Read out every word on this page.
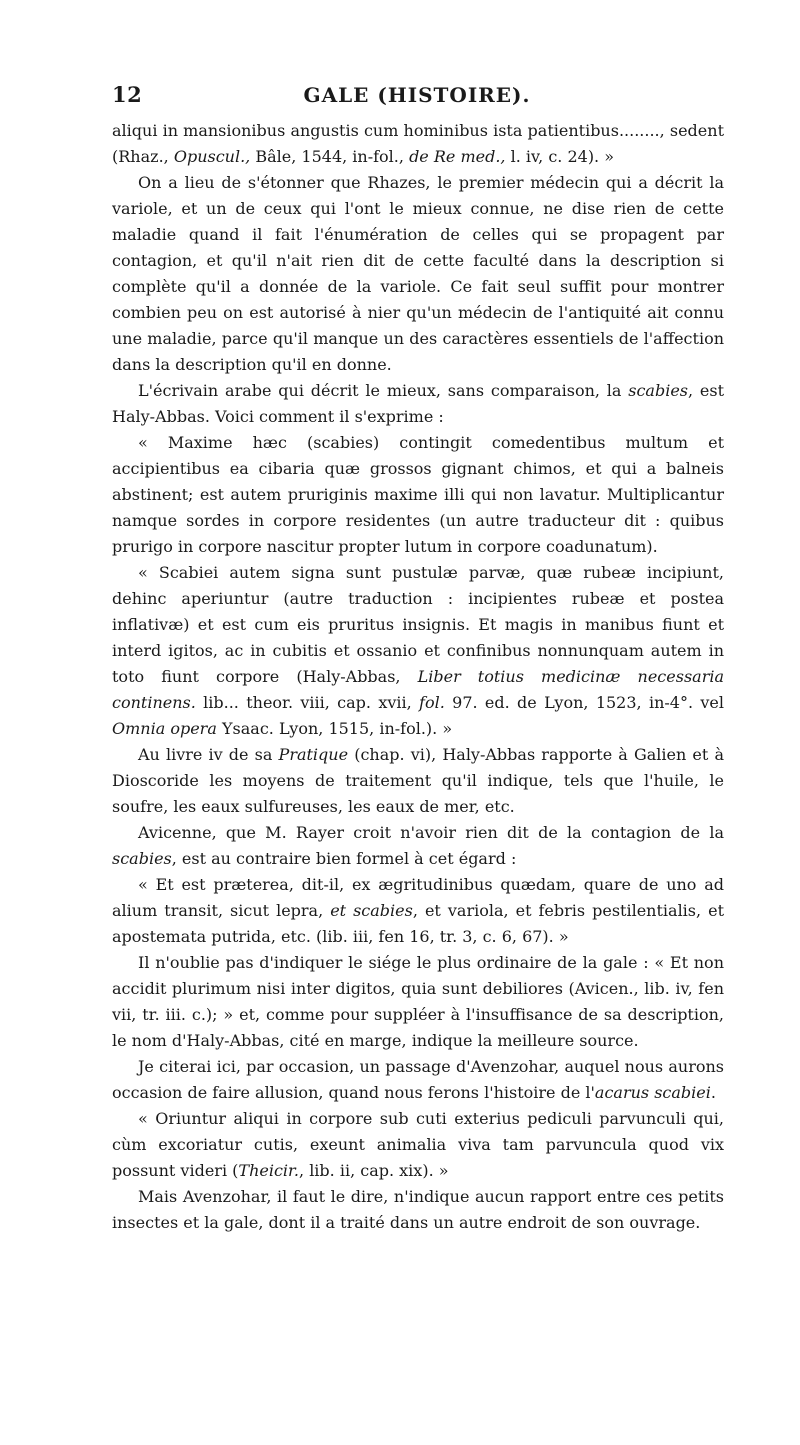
12	GALE (HISTOIRE).

aliqui in mansionibus angustis cum hominibus ista patientibus........, sedent (Rhaz., Opuscul., Bâle, 1544, in-fol., de Re med., l. iv, c. 24). »

On a lieu de s'étonner que Rhazes, le premier médecin qui a décrit la variole, et un de ceux qui l'ont le mieux connue, ne dise rien de cette maladie quand il fait l'énumération de celles qui se propagent par contagion, et qu'il n'ait rien dit de cette faculté dans la description si complète qu'il a donnée de la variole. Ce fait seul suffit pour montrer combien peu on est autorisé à nier qu'un médecin de l'antiquité ait connu une maladie, parce qu'il manque un des caractères essentiels de l'affection dans la description qu'il en donne.

L'écrivain arabe qui décrit le mieux, sans comparaison, la scabies, est Haly-Abbas. Voici comment il s'exprime :

« Maxime hæc (scabies) contingit comedentibus multum et accipientibus ea cibaria quæ grossos gignant chimos, et qui a balneis abstinent; est autem pruriginis maxime illi qui non lavatur. Multiplicantur namque sordes in corpore residentes (un autre traducteur dit : quibus prurigo in corpore nascitur propter lutum in corpore coadunatum).

« Scabiei autem signa sunt pustulæ parvæ, quæ rubeæ incipiunt, dehinc aperiuntur (autre traduction : incipientes rubeæ et postea inflativæ) et est cum eis pruritus insignis. Et magis in manibus fiunt et interd igitos, ac in cubitis et ossanio et confinibus nonnunquam autem in toto fiunt corpore (Haly-Abbas, Liber totius medicinæ necessaria continens. lib... theor. viii, cap. xvii, fol. 97. ed. de Lyon, 1523, in-4°. vel Omnia opera Ysaac. Lyon, 1515, in-fol.). »

Au livre iv de sa Pratique (chap. vi), Haly-Abbas rapporte à Galien et à Dioscoride les moyens de traitement qu'il indique, tels que l'huile, le soufre, les eaux sulfureuses, les eaux de mer, etc.

Avicenne, que M. Rayer croit n'avoir rien dit de la contagion de la scabies, est au contraire bien formel à cet égard :

« Et est præterea, dit-il, ex ægritudinibus quædam, quare de uno ad alium transit, sicut lepra, et scabies, et variola, et febris pestilentialis, et apostemata putrida, etc. (lib. iii, fen 16, tr. 3, c. 6, 67). »

Il n'oublie pas d'indiquer le siége le plus ordinaire de la gale : « Et non accidit plurimum nisi inter digitos, quia sunt debiliores (Avicen., lib. iv, fen vii, tr. iii. c.); » et, comme pour suppléer à l'insuffisance de sa description, le nom d'Haly-Abbas, cité en marge, indique la meilleure source.

Je citerai ici, par occasion, un passage d'Avenzohar, auquel nous aurons occasion de faire allusion, quand nous ferons l'histoire de l'acarus scabiei.

« Oriuntur aliqui in corpore sub cuti exterius pediculi parvunculi qui, cùm excoriatur cutis, exeunt animalia viva tam parvuncula quod vix possunt videri (Theicir., lib. ii, cap. xix). »

Mais Avenzohar, il faut le dire, n'indique aucun rapport entre ces petits insectes et la gale, dont il a traité dans un autre endroit de son ouvrage.
